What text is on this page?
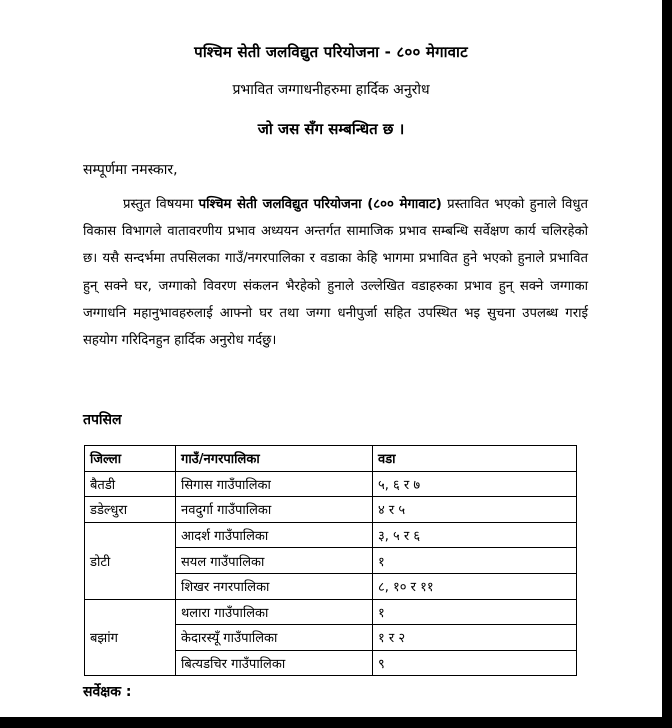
पश्चिम सेती जलविद्युत परियोजना - ८०० मेगावाट
प्रभावित जग्गाधनीहरुमा हार्दिक अनुरोध
जो जस सँग सम्बन्धित छ ।
सम्पूर्णमा नमस्कार,
प्रस्तुत विषयमा पश्चिम सेती जलविद्युत परियोजना (८०० मेगावाट) प्रस्तावित भएको हुनाले विधुत विकास विभागले वातावरणीय प्रभाव अध्ययन अन्तर्गत सामाजिक प्रभाव सम्बन्धि सर्वेक्षण कार्य चलिरहेको छ। यसै सन्दर्भमा तपसिलका गाउँ/नगरपालिका र वडाका केहि भागमा प्रभावित हुने भएको हुनाले प्रभावित हुन् सक्ने घर, जग्गाको विवरण संकलन भैरहेको हुनाले उल्लेखित वडाहरुका प्रभाव हुन् सक्ने जग्गाका जग्गाधनि महानुभावहरुलाई आफ्नो घर तथा जग्गा धनीपुर्जा सहित उपस्थित भइ सुचना उपलब्ध गराई सहयोग गरिदिनहुन हार्दिक अनुरोध गर्दछु।
तपसिल
जिल्ला	गाउँ/नगरपालिका	वडा
बैतडी	सिगास गाउँपालिका	५, ६ र ७
डडेल्धुरा	नवदुर्गा गाउँपालिका	४ र ५
डोटी	आदर्श गाउँपालिका	३, ५ र ६
	सयल गाउँपालिका	१
	शिखर नगरपालिका	८, १० र ११
बझांग	थलारा गाउँपालिका	१
	केदारस्यूँ गाउँपालिका	१ र २
	बित्यडचिर गाउँपालिका	९
सर्वेक्षक :
